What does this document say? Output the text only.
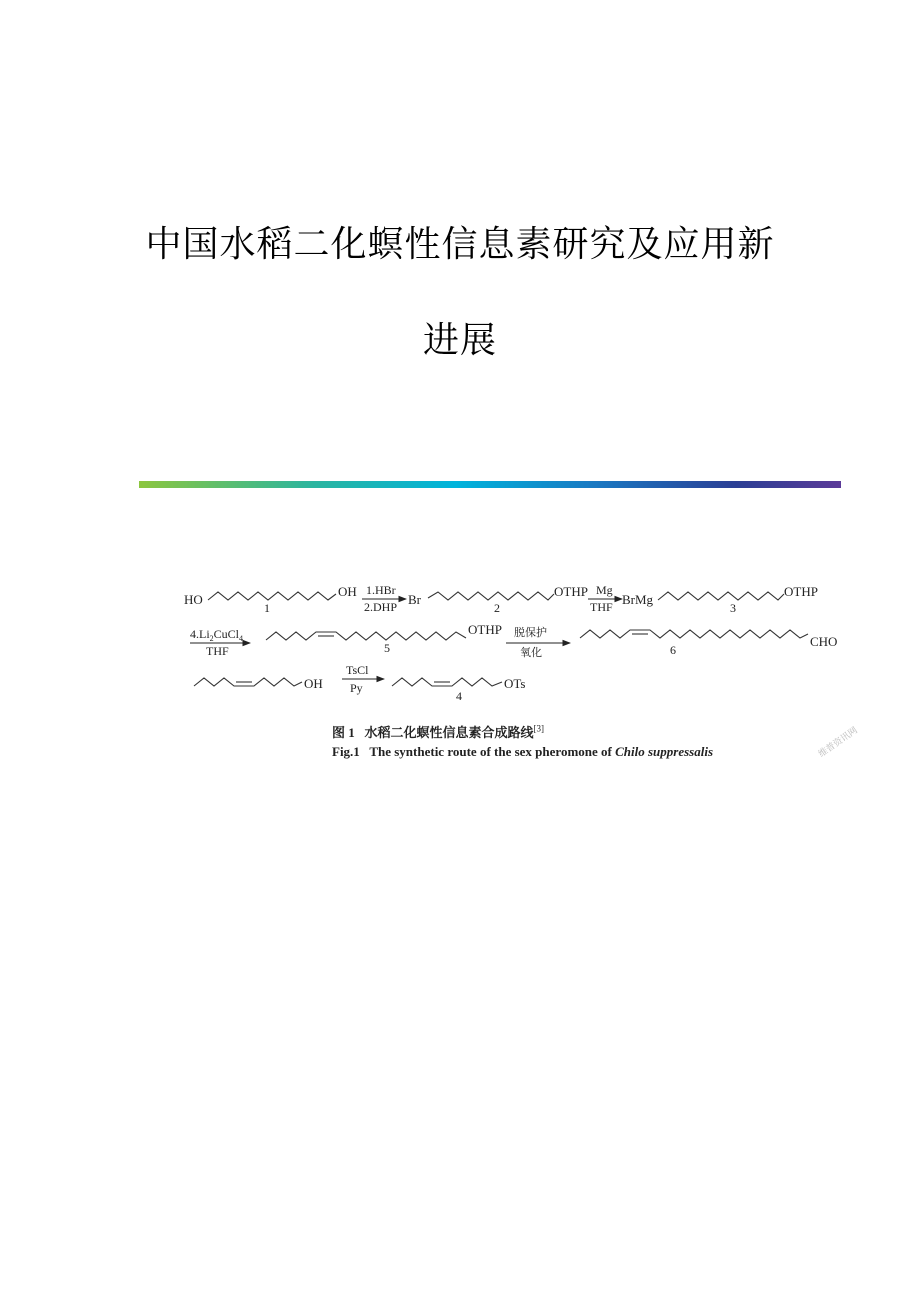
中国水稻二化螟性信息素研究及应用新
进展
HO
OH
1
1.HBr
2.DHP Br
OTHP
2
Mg
THF BrMg
OTHP
3
$4.Li_2CuCl_4$
THF
OTHP
5
脱保护
氧化
CHO
6
OH
TsCl
Py	OTs
4
图 1 水稻二化螟性信息素合成路线[3]
Fig.1 The synthetic route of the sex pheromone of Chilo suppressalis	维普资讯网
